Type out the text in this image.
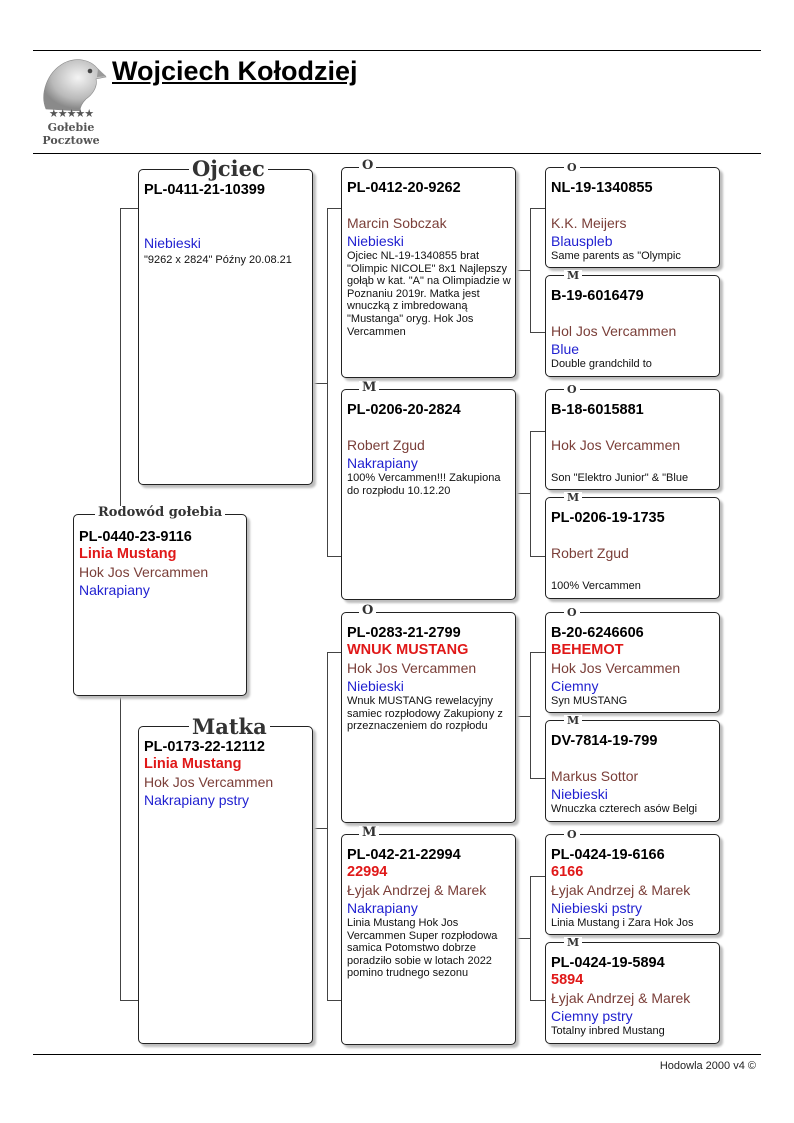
★★★★★
Gołebie
Pocztowe
Wojciech Kołodziej
PL-0440-23-9116
Linia Mustang
Hok Jos Vercammen
Nakrapiany
Rodowód gołebia
PL-0411-21-10399
Niebieski
"9262 x 2824" Późny 20.08.21
Ojciec
PL-0173-22-12112
Linia Mustang
Hok Jos Vercammen
Nakrapiany pstry
Matka
PL-0412-20-9262
Marcin Sobczak
Niebieski
Ojciec NL-19-1340855 brat "Olimpic NICOLE" 8x1 Najlepszy gołąb w kat. "A" na Olimpiadzie w Poznaniu 2019r. Matka jest wnuczką z imbredowaną "Mustanga" oryg. Hok Jos Vercammen
O
PL-0206-20-2824
Robert Zgud
Nakrapiany
100% Vercammen!!! Zakupiona do rozpłodu 10.12.20
M
PL-0283-21-2799
WNUK MUSTANG
Hok Jos Vercammen
Niebieski
Wnuk MUSTANG rewelacyjny samiec rozpłodowy Zakupiony z przeznaczeniem do rozpłodu
O
PL-042-21-22994
22994
Łyjak Andrzej & Marek
Nakrapiany
Linia Mustang Hok Jos Vercammen Super rozpłodowa samica Potomstwo dobrze poradziło sobie w lotach 2022 pomino trudnego sezonu
M
NL-19-1340855
K.K. Meijers
Blauspleb
Same parents as "Olympic
O
B-19-6016479
Hol Jos Vercammen
Blue
Double grandchild to
M
B-18-6015881
Hok Jos Vercammen
Son "Elektro Junior" & "Blue
O
PL-0206-19-1735
Robert Zgud
100% Vercammen
M
B-20-6246606
BEHEMOT
Hok Jos Vercammen
Ciemny
Syn MUSTANG
O
DV-7814-19-799
Markus Sottor
Niebieski
Wnuczka czterech asów Belgi
M
PL-0424-19-6166
6166
Łyjak Andrzej & Marek
Niebieski pstry
Linia Mustang i Zara Hok Jos
O
PL-0424-19-5894
5894
Łyjak Andrzej & Marek
Ciemny pstry
Totalny inbred Mustang
M
Hodowla 2000 v4 ©
